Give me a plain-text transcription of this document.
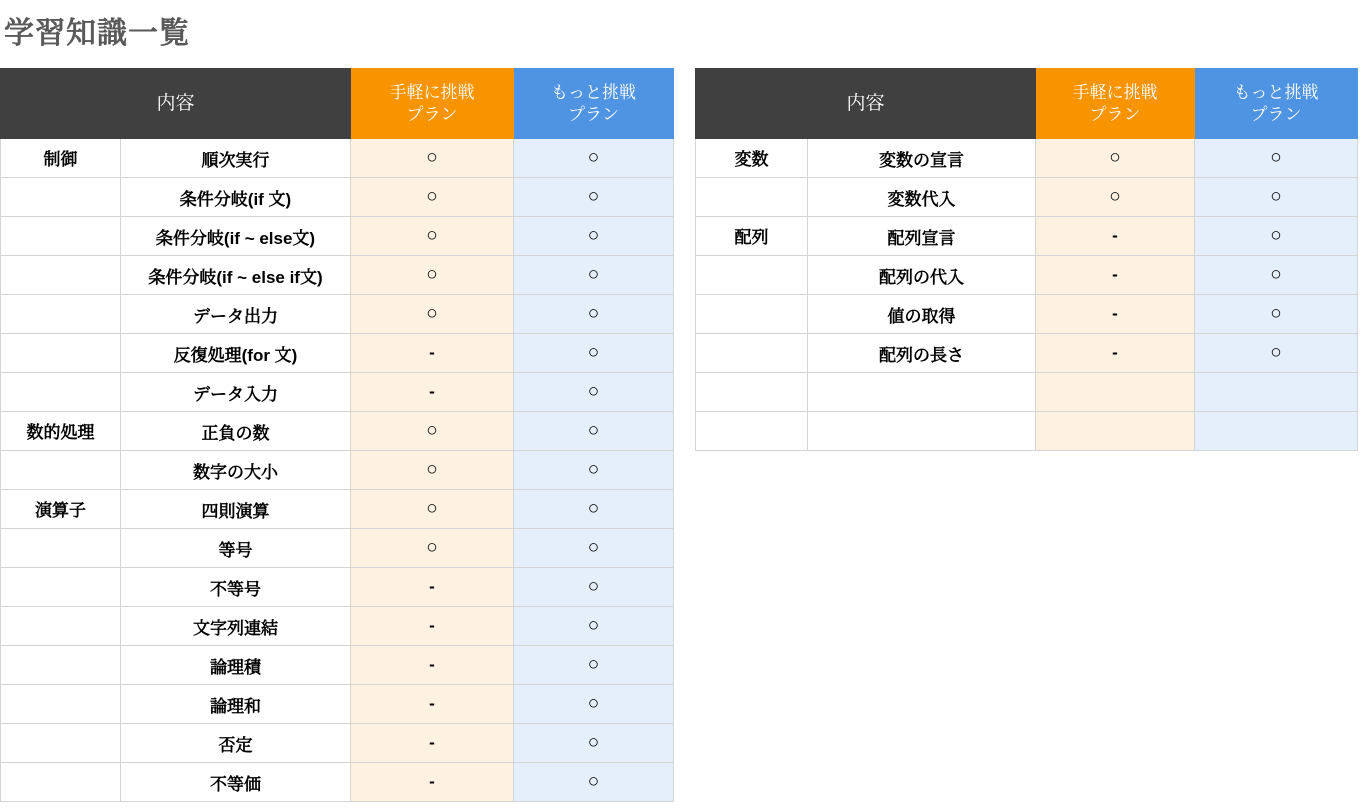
学習知識一覧
内容	手軽に挑戦
プラン

もっと挑戦
プラン

制御	順次実行	○	○
	条件分岐(if 文)	○	○
	条件分岐(if ~ else文)	○	○
	条件分岐(if ~ else if文)	○	○
	データ出力	○	○
	反復処理(for 文)	-	○
	データ入力	-	○
数的処理	正負の数	○	○
	数字の大小	○	○
演算子	四則演算	○	○
	等号	○	○
	不等号	-	○
	文字列連結	-	○
	論理積	-	○
	論理和	-	○
	否定	-	○
	不等価	-	○
内容	手軽に挑戦
プラン

もっと挑戦
プラン

変数	変数の宣言	○	○
	変数代入	○	○
配列	配列宣言	-	○
	配列の代入	-	○
	値の取得	-	○
	配列の長さ	-	○
